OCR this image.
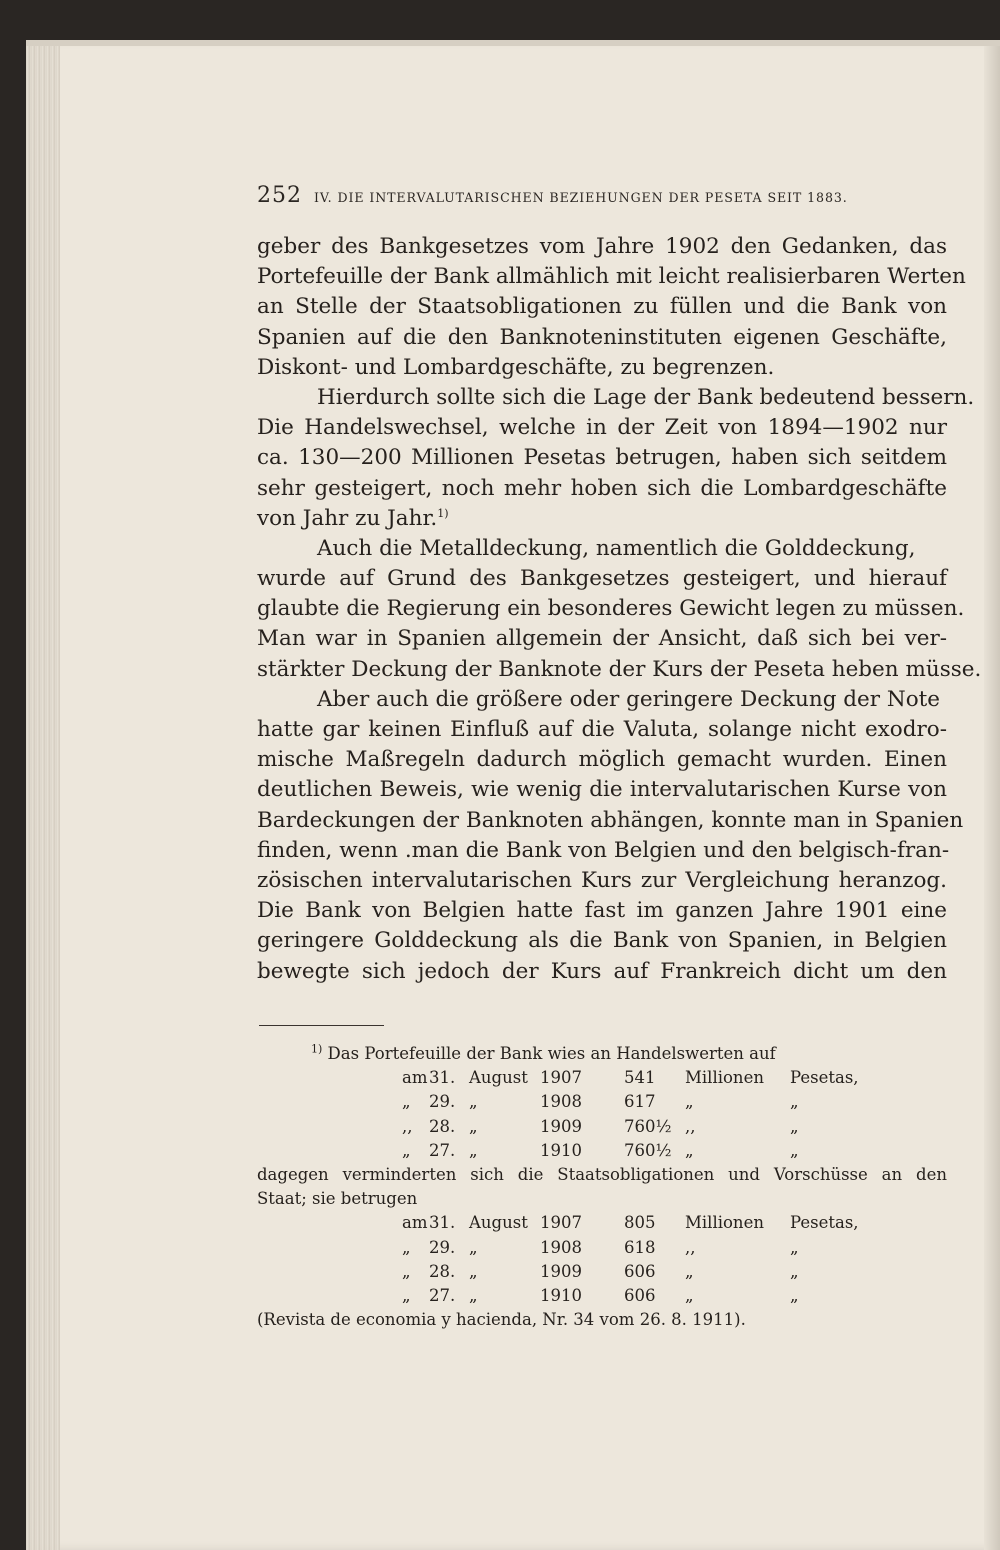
252 IV. DIE INTERVALUTARISCHEN BEZIEHUNGEN DER PESETA SEIT 1883.
geber des Bankgesetzes vom Jahre 1902 den Gedanken, das
Portefeuille der Bank allmählich mit leicht realisierbaren Werten
an Stelle der Staatsobligationen zu füllen und die Bank von
Spanien auf die den Banknoteninstituten eigenen Geschäfte,
Diskont- und Lombardgeschäfte, zu begrenzen.
Hierdurch sollte sich die Lage der Bank bedeutend bessern.
Die Handelswechsel, welche in der Zeit von 1894—1902 nur
ca. 130—200 Millionen Pesetas betrugen, haben sich seitdem
sehr gesteigert, noch mehr hoben sich die Lombardgeschäfte
von Jahr zu Jahr.$^{1)}$
Auch die Metalldeckung, namentlich die Golddeckung,
wurde auf Grund des Bankgesetzes gesteigert, und hierauf
glaubte die Regierung ein besonderes Gewicht legen zu müssen.
Man war in Spanien allgemein der Ansicht, daß sich bei ver-
stärkter Deckung der Banknote der Kurs der Peseta heben müsse.
Aber auch die größere oder geringere Deckung der Note
hatte gar keinen Einfluß auf die Valuta, solange nicht exodro-
mische Maßregeln dadurch möglich gemacht wurden. Einen
deutlichen Beweis, wie wenig die intervalutarischen Kurse von
Bardeckungen der Banknoten abhängen, konnte man in Spanien
finden, wenn .man die Bank von Belgien und den belgisch-fran-
zösischen intervalutarischen Kurs zur Vergleichung heranzog.
Die Bank von Belgien hatte fast im ganzen Jahre 1901 eine
geringere Golddeckung als die Bank von Spanien, in Belgien
bewegte sich jedoch der Kurs auf Frankreich dicht um den
$^{1)}$ Das Portefeuille der Bank wies an Handelswerten auf
am 31. August 1907	541 Millionen Pesetas,
„ 29. „	1908	617 „	„
,, 28. „	1909	760½ ,,	„
„ 27. „	1910	760½ „	„
dagegen verminderten sich die Staatsobligationen und Vorschüsse an den
Staat; sie betrugen
am 31. August 1907	805 Millionen Pesetas,
„ 29. „	1908	618 ,,	„
„ 28. „	1909	606 „	„
„ 27. „	1910	606 „	„
(Revista de economia y hacienda, Nr. 34 vom 26. 8. 1911).
